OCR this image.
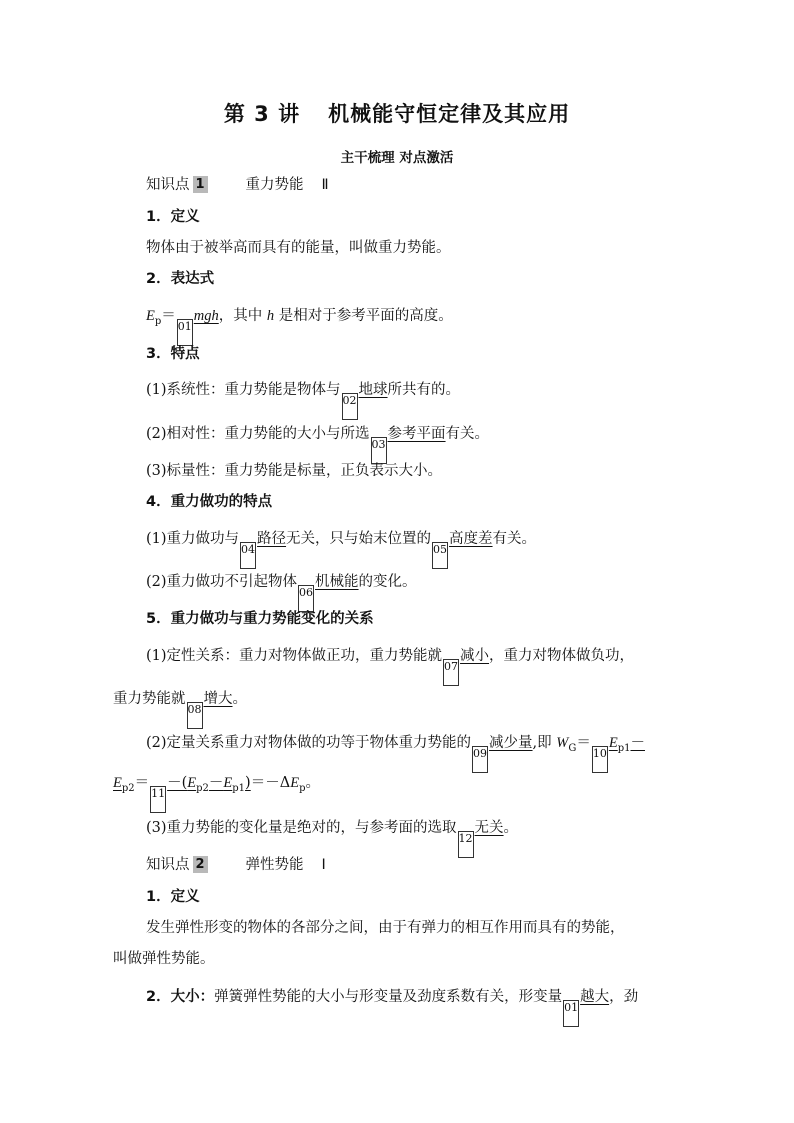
第 3 讲 机械能守恒定律及其应用
主干梳理 对点激活
知识点 1	重力势能 Ⅱ
1．定义
物体由于被举高而具有的能量，叫做重力势能。
2．表达式
$E_p=01mgh$，其中 h 是相对于参考平面的高度。
3．特点
(1)系统性：重力势能是物体与02地球所共有的。
(2)相对性：重力势能的大小与所选03参考平面有关。
(3)标量性：重力势能是标量，正负表示大小。
4．重力做功的特点
(1)重力做功与04路径无关，只与始末位置的05高度差有关。
(2)重力做功不引起物体06机械能的变化。
5．重力做功与重力势能变化的关系
(1)定性关系：重力对物体做正功，重力势能就07减小，重力对物体做负功，
重力势能就08增大。
(2)定量关系重力对物体做的功等于物体重力势能的09减少量,即 $W_G=10E_{p1}-$
$E_{p2}=11-(E_{p2}-E_{p1})=-\Delta E_p$。
(3)重力势能的变化量是绝对的，与参考面的选取12无关。
知识点 2	弹性势能 Ⅰ
1．定义
发生弹性形变的物体的各部分之间，由于有弹力的相互作用而具有的势能，
叫做弹性势能。
2．大小：弹簧弹性势能的大小与形变量及劲度系数有关，形变量01越大，劲
